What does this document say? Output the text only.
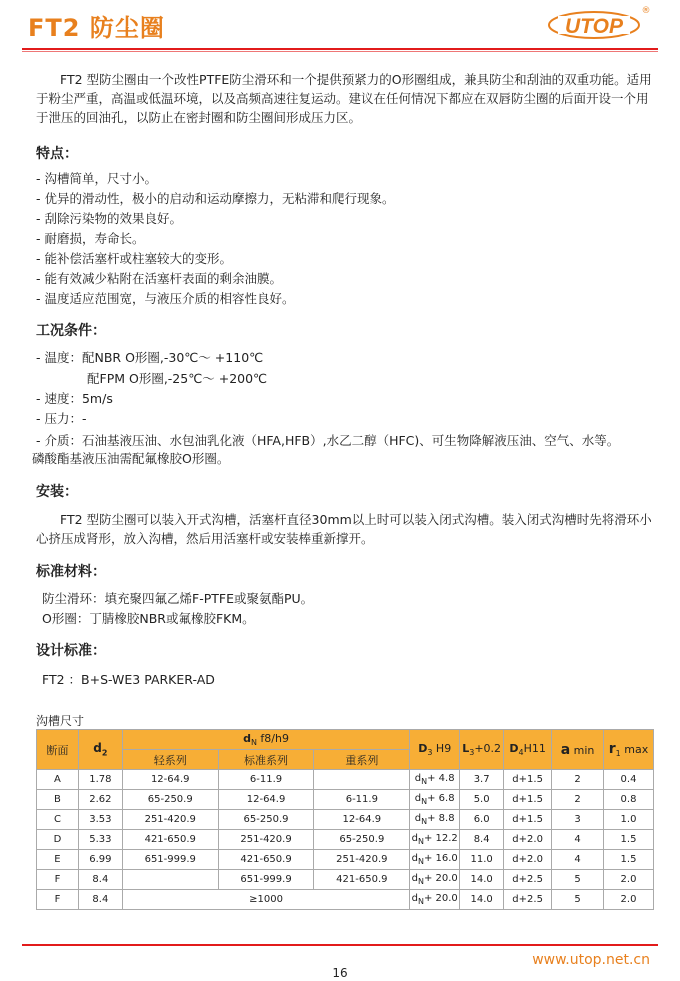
FT2 防尘圈	UTOP
®
FT2 型防尘圈由一个改性PTFE防尘滑环和一个提供预紧力的O形圈组成，兼具防尘和刮油的双重功能。适用于粉尘严重，高温或低温环境，以及高频高速往复运动。建议在任何情况下都应在双唇防尘圈的后面开设一个用于泄压的回油孔，以防止在密封圈和防尘圈间形成压力区。
特点：
- 沟槽简单，尺寸小。
- 优异的滑动性，极小的启动和运动摩擦力，无粘滞和爬行现象。
- 刮除污染物的效果良好。
- 耐磨损，寿命长。
- 能补偿活塞杆或柱塞较大的变形。
- 能有效减少粘附在活塞杆表面的剩余油膜。
- 温度适应范围宽，与液压介质的相容性良好。
工况条件：
- 温度：配NBR O形圈,-30℃～ +110℃
配FPM O形圈,-25℃～ +200℃
- 速度：5m/s
- 压力：-
- 介质：石油基液压油、水包油乳化液（HFA,HFB）,水乙二醇（HFC)、可生物降解液压油、空气、水等。
磷酸酯基液压油需配氟橡胶O形圈。
安装：
FT2 型防尘圈可以装入开式沟槽，活塞杆直径30mm以上时可以装入闭式沟槽。装入闭式沟槽时先将滑环小心挤压成肾形，放入沟槽，然后用活塞杆或安装棒重新撑开。
标准材料：
防尘滑环：填充聚四氟乙烯F-PTFE或聚氨酯PU。
O形圈：丁腈橡胶NBR或氟橡胶FKM。
设计标准：
FT2 ：B+S-WE3 PARKER-AD
沟槽尺寸
断面	$d_2$	$d_N$ f8/h9			$D_3$ H9	$L_3+0.2$	$D_4H11$	a min	$r_1$ max
		轻系列	标准系列	重系列					
A	1.78	12-64.9	6-11.9		$d_N+ 4.8$	3.7	d+1.5	2	0.4
B	2.62	65-250.9	12-64.9	6-11.9	$d_N+ 6.8$	5.0	d+1.5	2	0.8
C	3.53	251-420.9	65-250.9	12-64.9	$d_N+ 8.8$	6.0	d+1.5	3	1.0
D	5.33	421-650.9	251-420.9	65-250.9	$d_N+ 12.2$	8.4	d+2.0	4	1.5
E	6.99	651-999.9	421-650.9	251-420.9	$d_N+ 16.0$	11.0	d+2.0	4	1.5
F	8.4		651-999.9	421-650.9	$d_N+ 20.0$	14.0	d+2.5	5	2.0
F	8.4	≥1000			$d_N+ 20.0$	14.0	d+2.5	5	2.0
www.utop.net.cn
16
